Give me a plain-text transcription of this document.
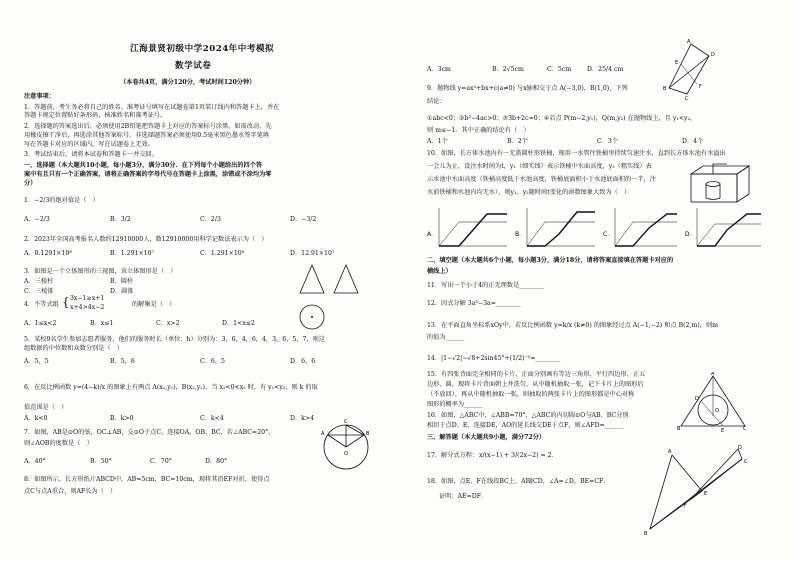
江海景贤初级中学2024年中考模拟
数学试卷
（本卷共4页，满分120分，考试时间120分钟）
注意事项：
1．答题前，考生务必将自己的姓名、准考证号填写在试题卷第1页装订线内和答题卡上，并在
答题卡规定位置贴好条形码，核准姓名和准考证号。
2．选择题的答案选出后，必须使用2B铅笔把答题卡上对应的答案标号涂黑。如需改动，先
用橡皮擦干净后，再选涂其他答案标号。非选择题答案必须使用0.5毫米黑色墨水签字笔填
写在答题卡对应的区域内，写在试题卷上无效。
3．考试结束后，请将本试卷和答题卡一并交回。
一、选择题（本大题共10小题，每小题3分，满分30分．在下列每个小题给出的四个答
案中有且只有一个正确答案，请将正确答案的字母代号在答题卡上涂黑，涂错或不涂均为零
分）
1．−2/3的绝对值是（　）
A．−2/3	B．3/2	C．2/3	D．−3/2
2．2023年全国高考报名人数约12910000人，数12910000用科学记数法表示为（　）
A．0.1291×10⁸	B．1.291×10⁷	C．1.291×10⁸	D．12.91×10⁷
3．如图是一个立体图形的三视图，该立体图形是（　）
A．三棱柱	B．圆柱
C．三棱锥	D．圆锥
4．不等式组 { 3x−1≥x+1
x+4>4x−2	的解集是（　）
A．1≤x<2	B．x≤1	C．x>2	D．1<x≤2
5．某校9名学生参加志愿者服务，他们的服务时长（单位：h）分别为：3，6，4，6，4，3，6，5，7，则这
组数据的中位数和众数分别是（　）
A．5，5	B．5，6	C．6，5	D．6，6
6．在反比例函数 y=(4−k)/x 的图象上有两点 A(x₁,y₁)，B(x₂,y₂)，当 x₁<0<x₂ 时，有 y₁<y₂，则 k 的取
值范围是（　）
A．k<0	B．k>0	C．k<4	D．k>4
7．如图，AB是⊙O的弦，OC⊥AB，交⊙O于点C，连接OA、OB、BC，若∠ABC=20°，
则∠AOB的度数是（　）
A．40°	B．50°	C．70°	D．80°
A	B
C
O
8．如图所示，长方形纸片ABCD中，AB=5cm，BC=10cm，现将其沿EF对折，使得点
点C与点A重合，则AF长为（　）
A．3cm	B．2√5cm	C．5cm	D．25/4 cm
A
D
B
C
E
F
9．抛物线 y=ax²+bx+c(a≠0) 与x轴相交于点 A(−3,0)，B(1,0)，下列
结论：
①abc<0；②b²−4ac>0；③3b+2c=0；④若点 P(m−2,y₁)，Q(m,y₂) 在抛物线上，且 y₁<y₂，
则 m≤−1．其中正确的结论有（　）
A．1个	B．2个	C．3个	D．4个
10．如图，长方体水池内有一无盖圆柱形铁桶，现用一水管往铁桶里持续匀速注水，直到长方体水池有水溢出
一会儿为止，设注水时间为t，y₁（细实线）表示铁桶中水面高度，y₂（粗实线）表
示水池中水面高度（铁桶高度低于水池高度，铁桶底面积小于水池底面积的一半，注
水前铁桶和水池内均无水），则y₁、y₂随时间t变化的函数图象大致为（　）
A．	B．	C．	D．
二、填空题（本大题共6个小题，每小题3分，满分18分，请将答案直接填在答题卡对应的
横线上）
11．写出一个小于4的正无理数是________
12．因式分解 3a³−3a=________
13．在平面直角坐标系xOy中，若反比例函数 y=k/x (k≠0) 的图象经过点 A(−1,−2) 和点 B(2,m)，则m
的值为______
14．|1−√2|−√8+2sin45°+(1/2)⁻²=________
15．有四张背面完全相同的卡片，正面分别画有等边三角形、平行四边形、正五
边形、圆，现将卡片背面朝上并洗匀，从中随机抽取一张，记下卡片上的图形后
（不放回），再从中随机抽取一张，则抽取的两张卡片上的图形都是中心对称
图形的概率为______
A
B	C
D
E
O
16．如图，△ABC中，∠ABB=70°，△ABC的内切圆⊙O与AB、BC分别
相切于点D、E，连接DE，AO的延长线交DE于点F，则∠AFD=______
三、解答题（本大题共9小题，满分72分）
17．解分式方程： x/(x−1) + 3/(2x−2) = 2．
18．如图，点E、F在线段BC上，AB∥CD，∠A=∠D，BE=CF．
证明：AE=DF．
A
B
E
F
C
D
